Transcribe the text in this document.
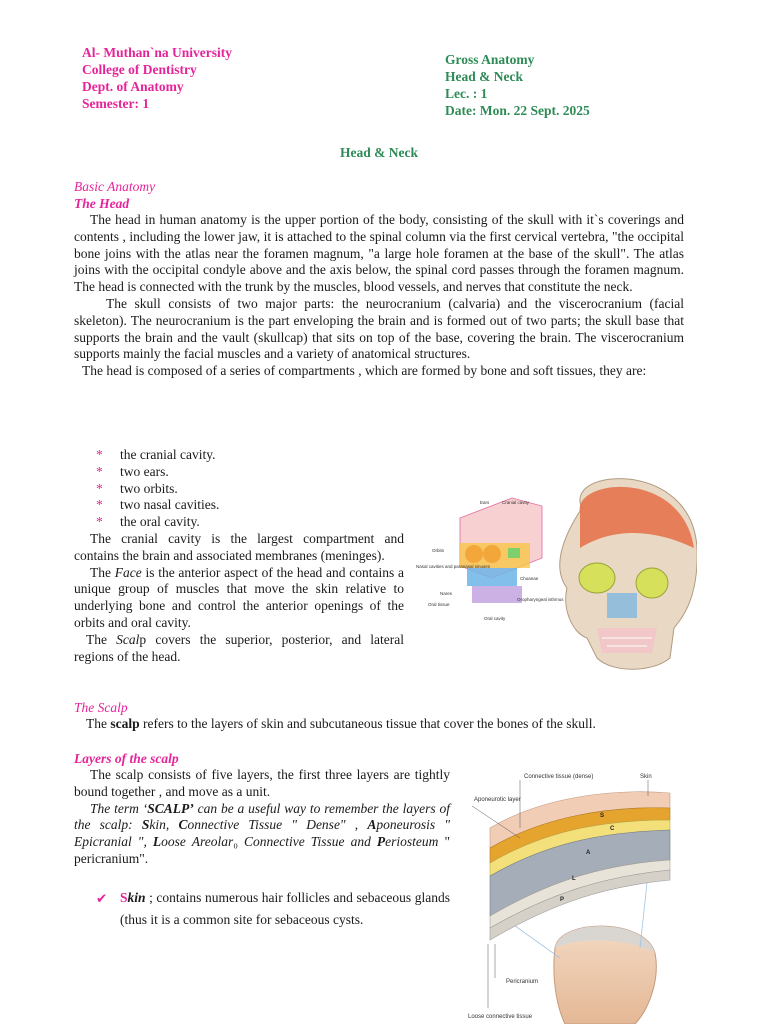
Al- Muthan`na University
College of Dentistry
Dept. of Anatomy
Semester: 1
Gross Anatomy
Head & Neck
Lec. : 1
Date: Mon. 22 Sept. 2025
Head & Neck
Basic Anatomy
The Head

The head in human anatomy is the upper portion of the body, consisting of the skull with it`s coverings and contents , including the lower jaw, it is attached to the spinal column via the first cervical vertebra, "the occipital bone joins with the atlas near the foramen magnum, "a large hole foramen at the base of the skull". The atlas joins with the occipital condyle above and the axis below, the spinal cord passes through the foramen magnum. The head is connected with the trunk by the muscles, blood vessels, and nerves that constitute the neck.

The skull consists of two major parts: the neurocranium (calvaria) and the viscerocranium (facial skeleton). The neurocranium is the part enveloping the brain and is formed out of two parts; the skull base that supports the brain and the vault (skullcap) that sits on top of the base, covering the brain. The viscerocranium supports mainly the facial muscles and a variety of anatomical structures.

The head is composed of a series of compartments , which are formed by bone and soft tissues, they are:

*	the cranial cavity.
*	two ears.
*	two orbits.
*	two nasal cavities.
*	the oral cavity.

The cranial cavity is the largest compartment and contains the brain and associated membranes (meninges).

The Face is the anterior aspect of the head and contains a unique group of muscles that move the skin relative to underlying bone and control the anterior openings of the orbits and oral cavity.

The Scalp covers the superior, posterior, and lateral regions of the head.

Ears	Cranial cavity
Orbits
Nasal cavities and paranasal sinuses
Choanae
Nares
Oropharyngeal isthmus
Oral tissue
Oral cavity
The Scalp

The scalp refers to the layers of skin and subcutaneous tissue that cover the bones of the skull.

Layers of the scalp

The scalp consists of five layers, the first three layers are tightly bound together , and move as a unit.

The term ‘SCALP’ can be a useful way to remember the layers of the scalp: Skin, Connective Tissue " Dense" , Aponeurosis " Epicranial ", Loose Areolar₀ Connective Tissue and Periosteum " pericranium".

✔ Skin ; contains numerous hair follicles and sebaceous glands (thus it is a common site for sebaceous cysts.
Connective tissue (dense)	Skin
Aponeurotic layer
Pericranium
Loose connective tissue
S
C
A
L
P
